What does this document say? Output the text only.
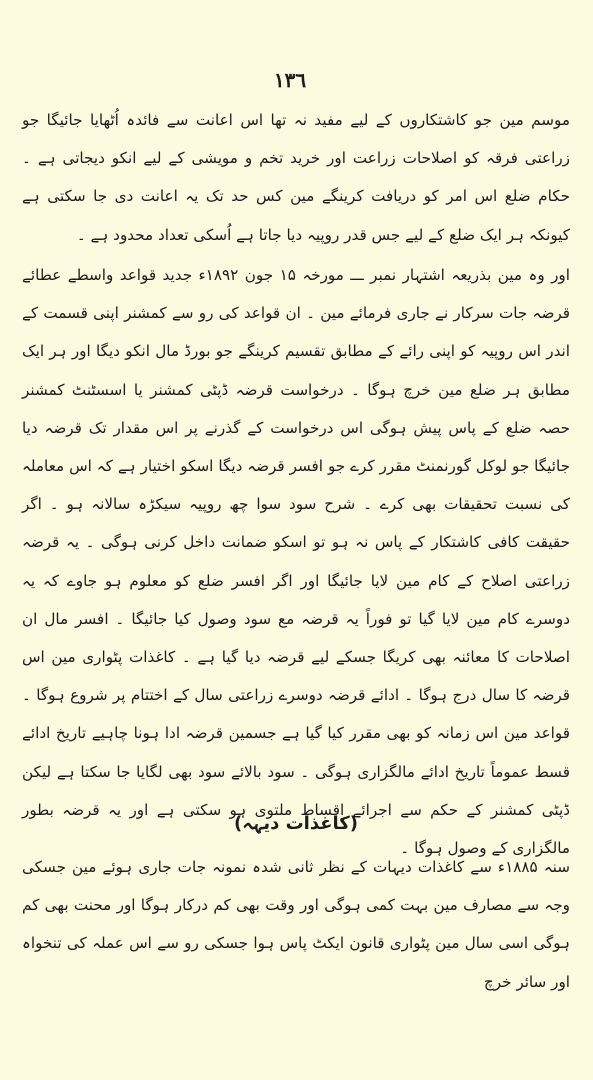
١٣٦
موسم مین جو کاشتکاروں کے لیے مفید نہ تھا اس اعانت سے فائدہ اُٹھایا جائیگا جو زراعتی فرقہ کو اصلاحات زراعت اور خرید تخم و مویشی کے لیے انکو دیجاتی ہے ۔ حکام ضلع اس امر کو دریافت کرینگے مین کس حد تک یہ اعانت دی جا سکتی ہے کیونکہ ہر ایک ضلع کے لیے جس قدر روپیہ دیا جاتا ہے اُسکی تعداد محدود ہے ۔
اور وہ مین بذریعہ اشتہار نمبر ـــ مورخہ ۱۵ جون ۱۸۹۲ء جدید قواعد واسطے عطائے قرضہ جات سرکار نے جاری فرمائے مین ۔ ان قواعد کی رو سے کمشنر اپنی قسمت کے اندر اس روپیہ کو اپنی رائے کے مطابق تقسیم کرینگے جو بورڈ مال انکو دیگا اور ہر ایک مطابق ہر ضلع مین خرچ ہوگا ۔ درخواست قرضہ ڈپٹی کمشنر یا اسسٹنٹ کمشنر حصہ ضلع کے پاس پیش ہوگی اس درخواست کے گذرنے پر اس مقدار تک قرضہ دیا جائیگا جو لوکل گورنمنٹ مقرر کرے جو افسر قرضہ دیگا اسکو اختیار ہے کہ اس معاملہ کی نسبت تحقیقات بھی کرے ۔ شرح سود سوا چھ روپیہ سیکڑہ سالانہ ہو ۔ اگر حقیقت کافی کاشتکار کے پاس نہ ہو تو اسکو ضمانت داخل کرنی ہوگی ۔ یہ قرضہ زراعتی اصلاح کے کام مین لایا جائیگا اور اگر افسر ضلع کو معلوم ہو جاوے کہ یہ دوسرے کام مین لایا گیا تو فوراً یہ قرضہ مع سود وصول کیا جائیگا ۔ افسر مال ان اصلاحات کا معائنہ بھی کریگا جسکے لیے قرضہ دیا گیا ہے ۔ کاغذات پٹواری مین اس قرضہ کا سال درج ہوگا ۔ ادائے قرضہ دوسرے زراعتی سال کے اختتام پر شروع ہوگا ۔ قواعد مین اس زمانہ کو بھی مقرر کیا گیا ہے جسمین قرضہ ادا ہونا چاہیے تاریخ ادائے قسط عموماً تاریخ ادائے مالگزاری ہوگی ۔ سود بالائے سود بھی لگایا جا سکتا ہے لیکن ڈپٹی کمشنر کے حکم سے اجرائے اقساط ملتوی ہو سکتی ہے اور یہ قرضہ بطور مالگزاری کے وصول ہوگا ۔
(کاغذات دیہہ)
سنہ ۱۸۸۵ء سے کاغذات دیہات کے نظر ثانی شدہ نمونہ جات جاری ہوئے مین جسکی وجہ سے مصارف مین بہت کمی ہوگی اور وقت بھی کم درکار ہوگا اور محنت بھی کم ہوگی اسی سال مین پٹواری قانون ایکٹ پاس ہوا جسکی رو سے اس عملہ کی تنخواہ اور سائر خرچ
